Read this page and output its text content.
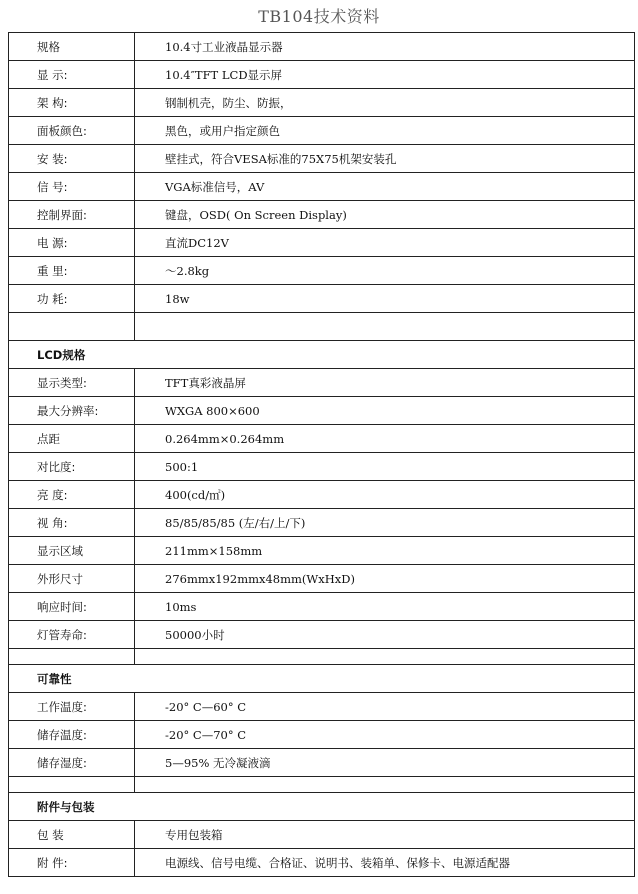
TB104技术资料
规格	10.4寸工业液晶显示器
显 示:	10.4″TFT LCD显示屏
架 构:	钢制机壳，防尘、防振，
面板颜色:	黑色，或用户指定颜色
安 装:	壁挂式，符合VESA标准的75X75机架安装孔
信 号:	VGA标准信号，AV
控制界面:	键盘，OSD( On Screen Display)
电 源:	直流DC12V
重 里:	～2.8kg
功 耗:	18w

LCD规格	
显示类型:	TFT真彩液晶屏
最大分辨率:	WXGA 800×600
点距	0.264mm×0.264mm
对比度:	500:1
亮 度:	400(cd/㎡)
视 角:	85/85/85/85 (左/右/上/下)
显示区域	211mm×158mm
外形尺寸	276mmx192mmx48mm(WxHxD)
响应时间:	10ms
灯管寿命:	50000小时

可靠性	
工作温度:	-20° C—60° C
储存温度:	-20° C—70° C
储存湿度:	5—95% 无冷凝液滴

附件与包装	
包 装	专用包装箱
附 件:	电源线、信号电缆、合格证、说明书、装箱单、保修卡、电源适配器
